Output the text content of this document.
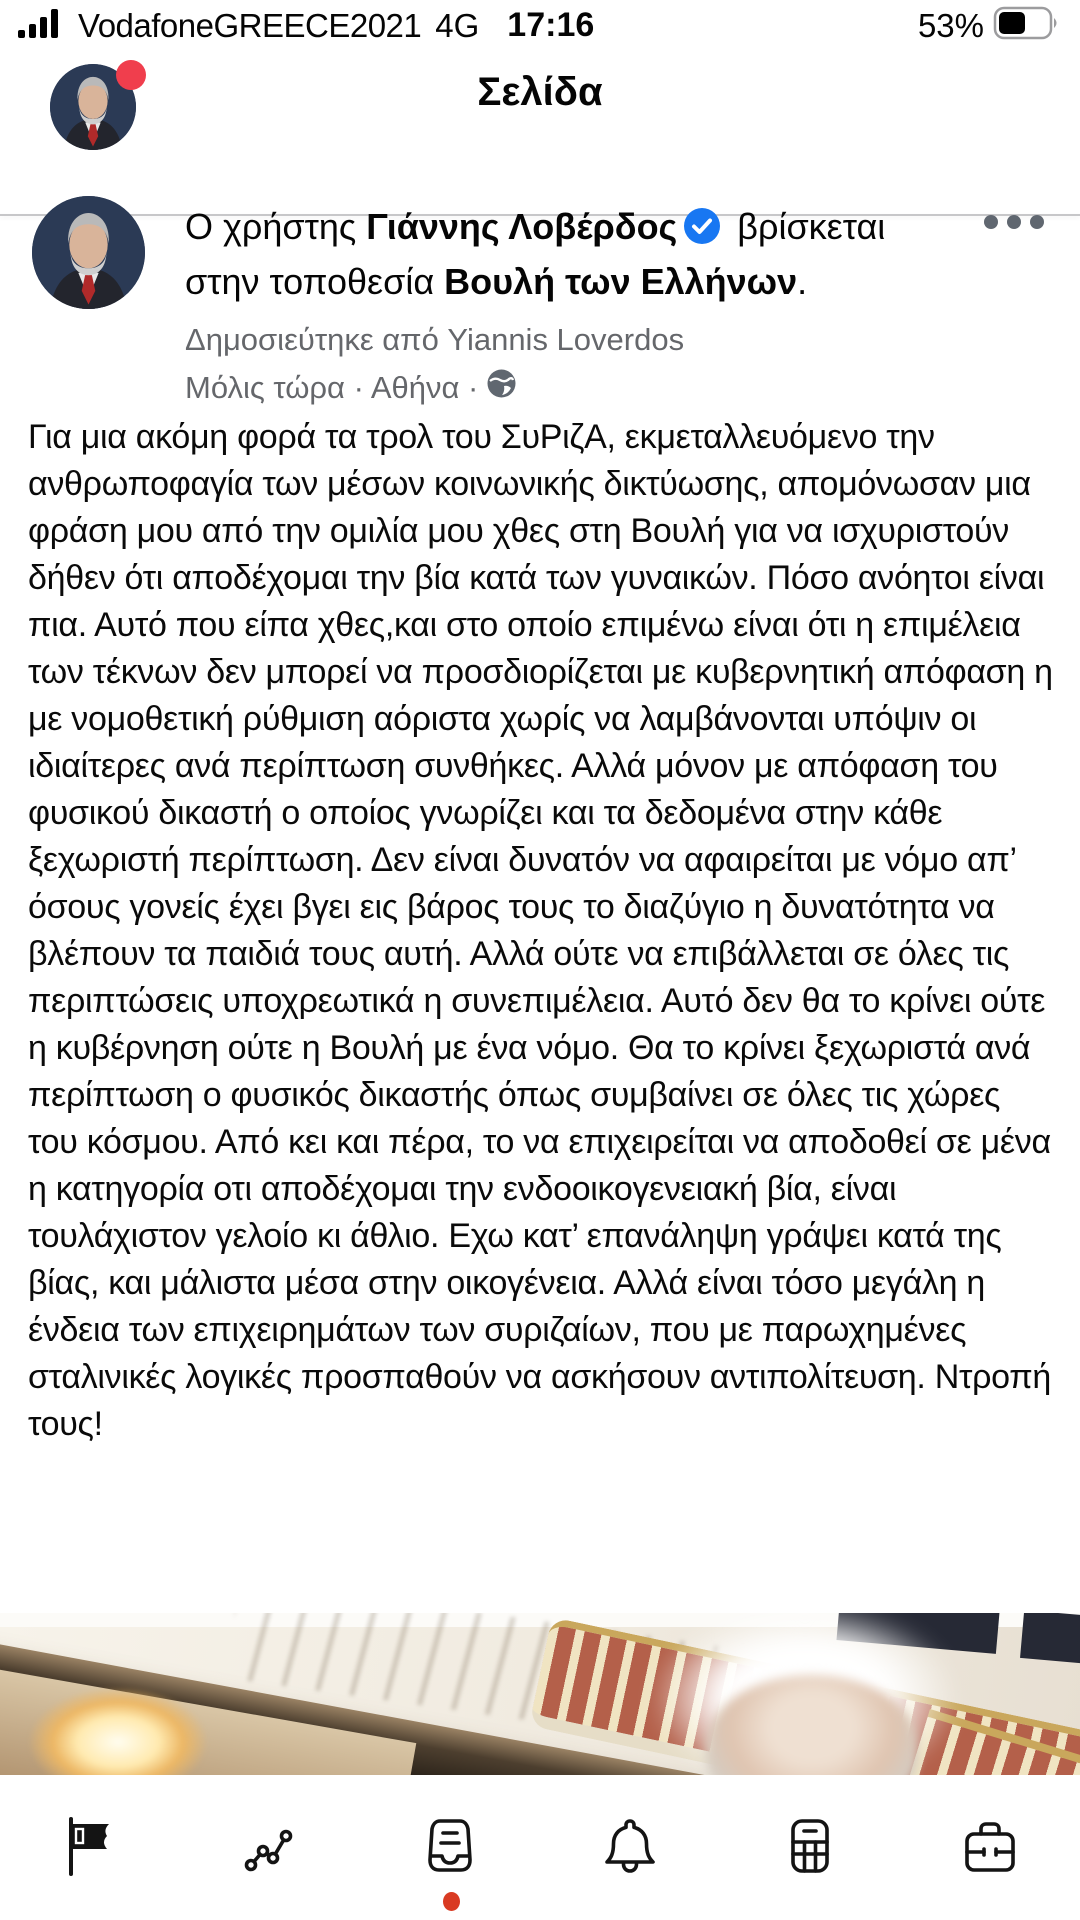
VodafoneGREECE2021 4G 17:16	53%
Σελίδα
Ο χρήστης Γιάννης Λοβέρδος βρίσκεται στην τοποθεσία Βουλή των Ελλήνων.
Δημοσιεύτηκε από Yiannis Loverdos
Μόλις τώρα · Αθήνα ·
Για μια ακόμη φορά τα τρολ του ΣυΡιζΑ, εκμεταλλευόμενο την ανθρωποφαγία των μέσων κοινωνικής δικτύωσης, απομόνωσαν μια φράση μου από την ομιλία μου χθες στη Βουλή για να ισχυριστούν δήθεν ότι αποδέχομαι την βία κατά των γυναικών. Πόσο ανόητοι είναι πια. Αυτό που είπα χθες,και στο οποίο επιμένω είναι ότι η επιμέλεια των τέκνων δεν μπορεί να προσδιορίζεται με κυβερνητική απόφαση η με νομοθετική ρύθμιση αόριστα χωρίς να λαμβάνονται υπόψιν οι ιδιαίτερες ανά περίπτωση συνθήκες. Αλλά μόνον με απόφαση του φυσικού δικαστή ο οποίος γνωρίζει και τα δεδομένα στην κάθε ξεχωριστή περίπτωση. Δεν είναι δυνατόν να αφαιρείται με νόμο απ’ όσους γονείς έχει βγει εις βάρος τους το διαζύγιο η δυνατότητα να βλέπουν τα παιδιά τους αυτή. Αλλά ούτε να επιβάλλεται σε όλες τις περιπτώσεις υποχρεωτικά η συνεπιμέλεια. Αυτό δεν θα το κρίνει ούτε η κυβέρνηση ούτε η Βουλή με ένα νόμο. Θα το κρίνει ξεχωριστά ανά περίπτωση ο φυσικός δικαστής όπως συμβαίνει σε όλες τις χώρες του κόσμου. Από κει και πέρα, το να επιχειρείται να αποδοθεί σε μένα η κατηγορία οτι αποδέχομαι την ενδοοικογενειακή βία, είναι τουλάχιστον γελοίο κι άθλιο. Εχω κατ’ επανάληψη γράψει κατά της βίας, και μάλιστα μέσα στην οικογένεια. Αλλά είναι τόσο μεγάλη η ένδεια των επιχειρημάτων των συριζαίων, που με παρωχημένες σταλινικές λογικές προσπαθούν να ασκήσουν αντιπολίτευση. Ντροπή τους!
